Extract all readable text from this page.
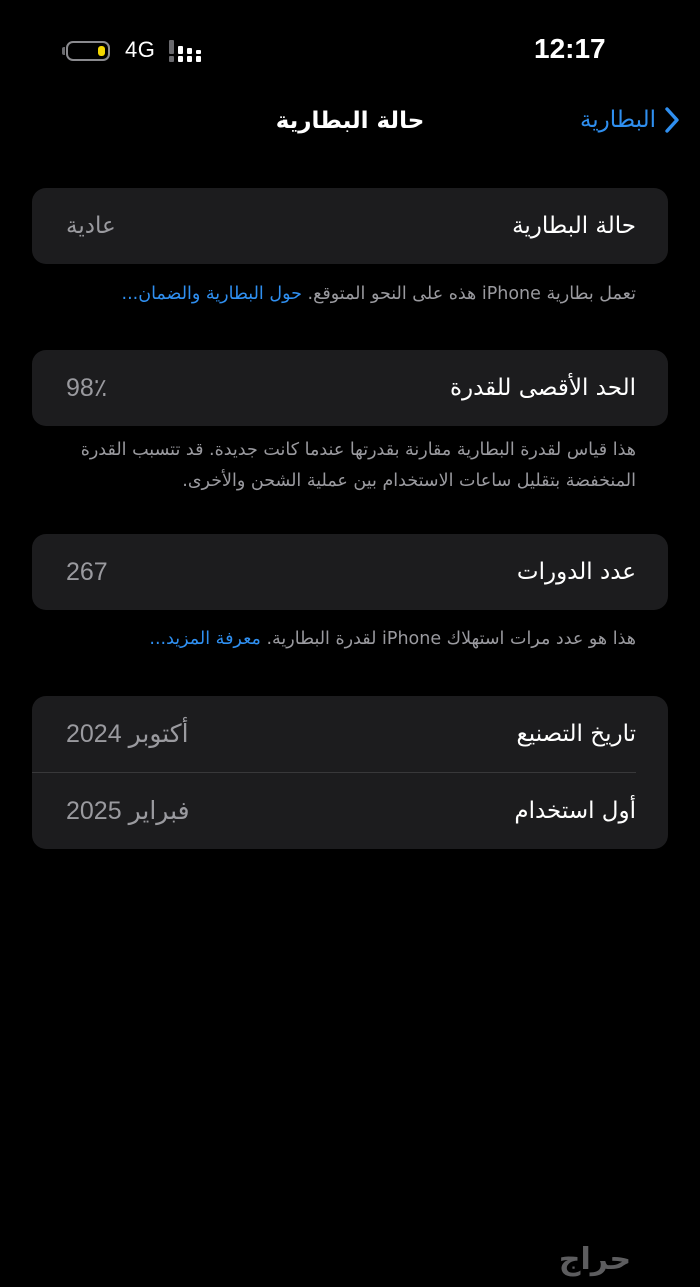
4G	12:17
البطارية
حالة البطارية
حالة البطارية
عادية
تعمل بطارية iPhone هذه على النحو المتوقع. حول البطارية والضمان...
الحد الأقصى للقدرة
98٪
هذا قياس لقدرة البطارية مقارنة بقدرتها عندما كانت جديدة. قد تتسبب القدرة المنخفضة بتقليل ساعات الاستخدام بين عملية الشحن والأخرى.
عدد الدورات
267
هذا هو عدد مرات استهلاك iPhone لقدرة البطارية. معرفة المزيد...
تاريخ التصنيع
أكتوبر 2024
أول استخدام
فبراير 2025
حراج
